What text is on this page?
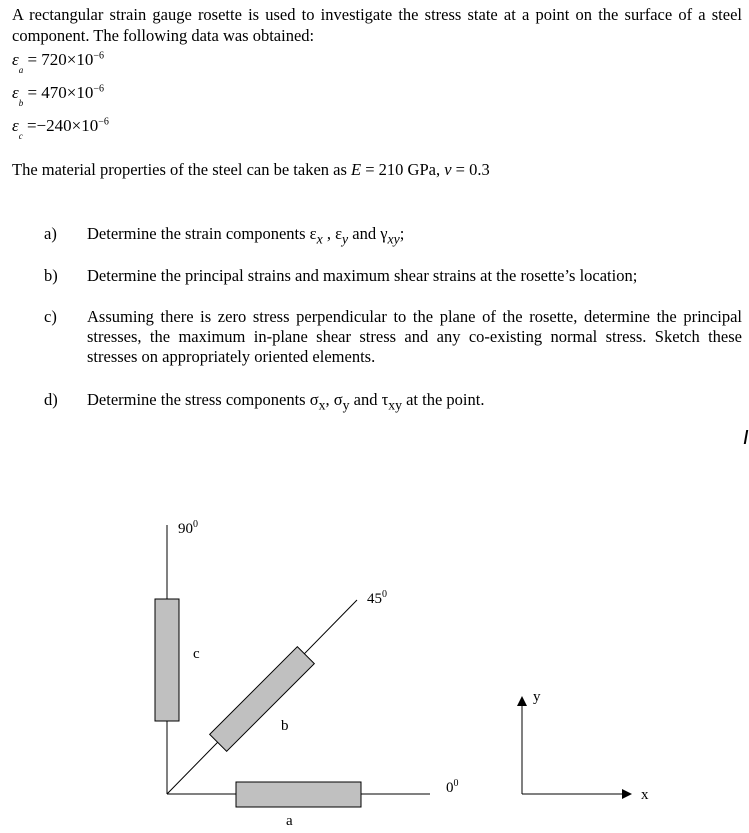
A rectangular strain gauge rosette is used to investigate the stress state at a point on the surface of a steel component. The following data was obtained:
$\varepsilon_a = 720\times 10^{-6}$
$\varepsilon_b = 470\times 10^{-6}$
$\varepsilon_c =-240\times 10^{-6}$
The material properties of the steel can be taken as E = 210 GPa, v = 0.3
a) Determine the strain components $\varepsilon_x$ , $\varepsilon_y$ and $\gamma_{xy}$;
b) Determine the principal strains and maximum shear strains at the rosette’s location;
c) Assuming there is zero stress perpendicular to the plane of the rosette, determine the principal stresses, the maximum in-plane shear stress and any co-existing normal stress. Sketch these stresses on appropriately oriented elements.
d) Determine the stress components $\sigma_x$, $\sigma_y$ and $\tau_{xy}$ at the point.
$90^0$
$45^0$
$0^0$
c
b
a
y
x
